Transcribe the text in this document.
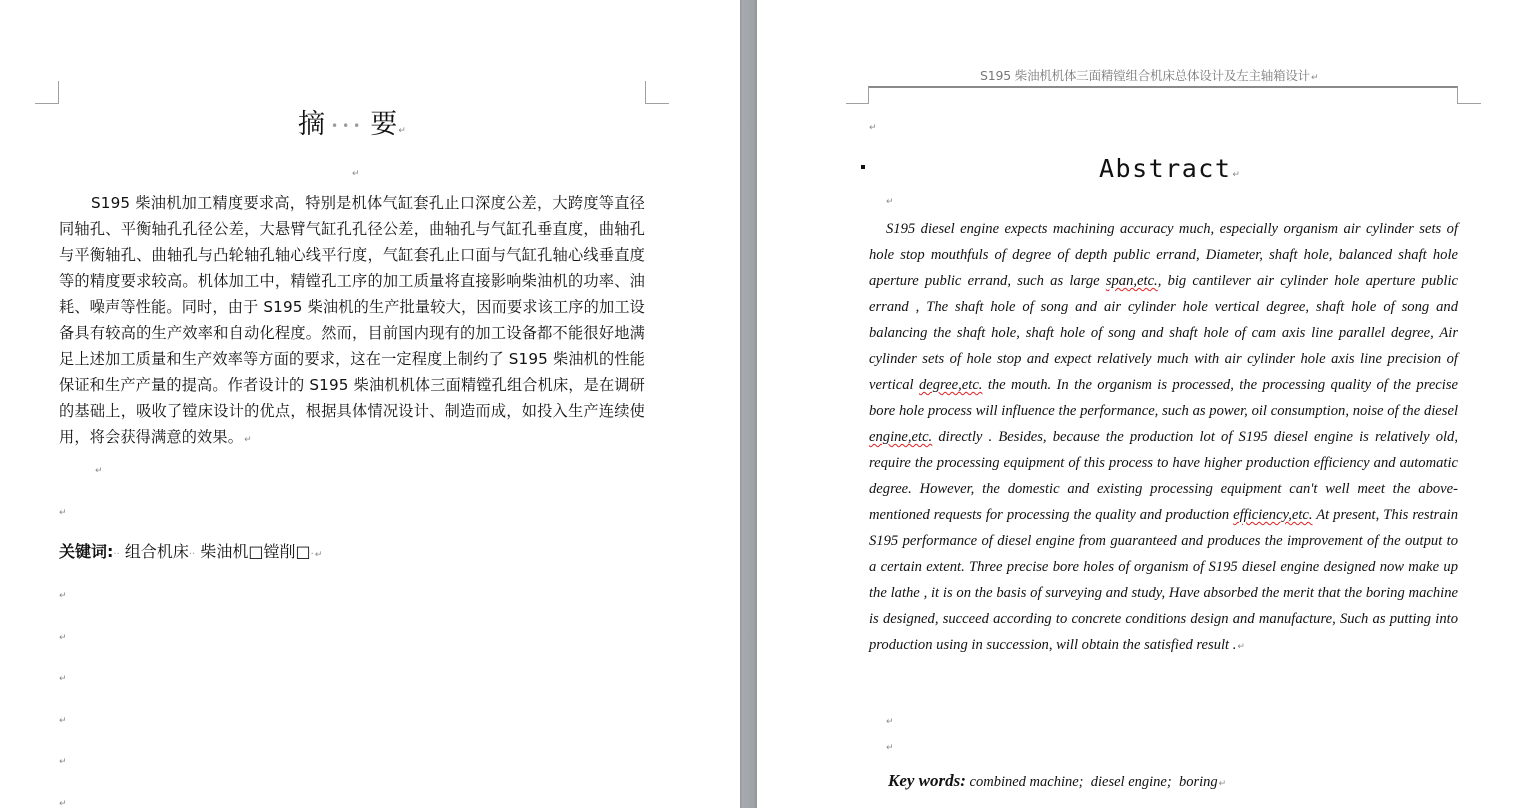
摘 ••• 要↵
↵

S195 柴油机加工精度要求高，特别是机体气缸套孔止口深度公差，大跨度等直径同轴孔、平衡轴孔孔径公差，大悬臂气缸孔孔径公差，曲轴孔与气缸孔垂直度，曲轴孔与平衡轴孔、曲轴孔与凸轮轴孔轴心线平行度，气缸套孔止口面与气缸孔轴心线垂直度等的精度要求较高。机体加工中，精镗孔工序的加工质量将直接影响柴油机的功率、油耗、噪声等性能。同时，由于 S195 柴油机的生产批量较大，因而要求该工序的加工设备具有较高的生产效率和自动化程度。然而，目前国内现有的加工设备都不能很好地满足上述加工质量和生产效率等方面的要求，这在一定程度上制约了 S195 柴油机的性能保证和生产产量的提高。作者设计的 S195 柴油机机体三面精镗孔组合机床，是在调研的基础上，吸收了镗床设计的优点，根据具体情况设计、制造而成，如投入生产连续使用，将会获得满意的效果。↵

↵
↵
关键词:·· 组合机床·· 柴油机□镗削□·↵
↵
↵
↵
↵
↵
↵
S195 柴油机机体三面精镗组合机床总体设计及左主轴箱设计↵
↵
Abstract↵
↵

S195 diesel engine expects machining accuracy much, especially organism air cylinder sets of hole stop mouthfuls of degree of depth public errand, Diameter, shaft hole, balanced shaft hole aperture public errand, such as large span,etc., big cantilever air cylinder hole aperture public errand , The shaft hole of song and air cylinder hole vertical degree, shaft hole of song and balancing the shaft hole, shaft hole of song and shaft hole of cam axis line parallel degree, Air cylinder sets of hole stop and expect relatively much with air cylinder hole axis line precision of vertical degree,etc. the mouth. In the organism is processed, the processing quality of the precise bore hole process will influence the performance, such as power, oil consumption, noise of the diesel engine,etc. directly . Besides, because the production lot of S195 diesel engine is relatively old, require the processing equipment of this process to have higher production efficiency and automatic degree. However, the domestic and existing processing equipment can't well meet the above-mentioned requests for processing the quality and production efficiency,etc. At present, This restrain S195 performance of diesel engine from guaranteed and produces the improvement of the output to a certain extent. Three precise bore holes of organism of S195 diesel engine designed now make up the lathe , it is on the basis of surveying and study, Have absorbed the merit that the boring machine is designed, succeed according to concrete conditions design and manufacture, Such as putting into production using in succession, will obtain the satisfied result .↵

↵
↵
Key words: combined machine; diesel engine; boring↵
